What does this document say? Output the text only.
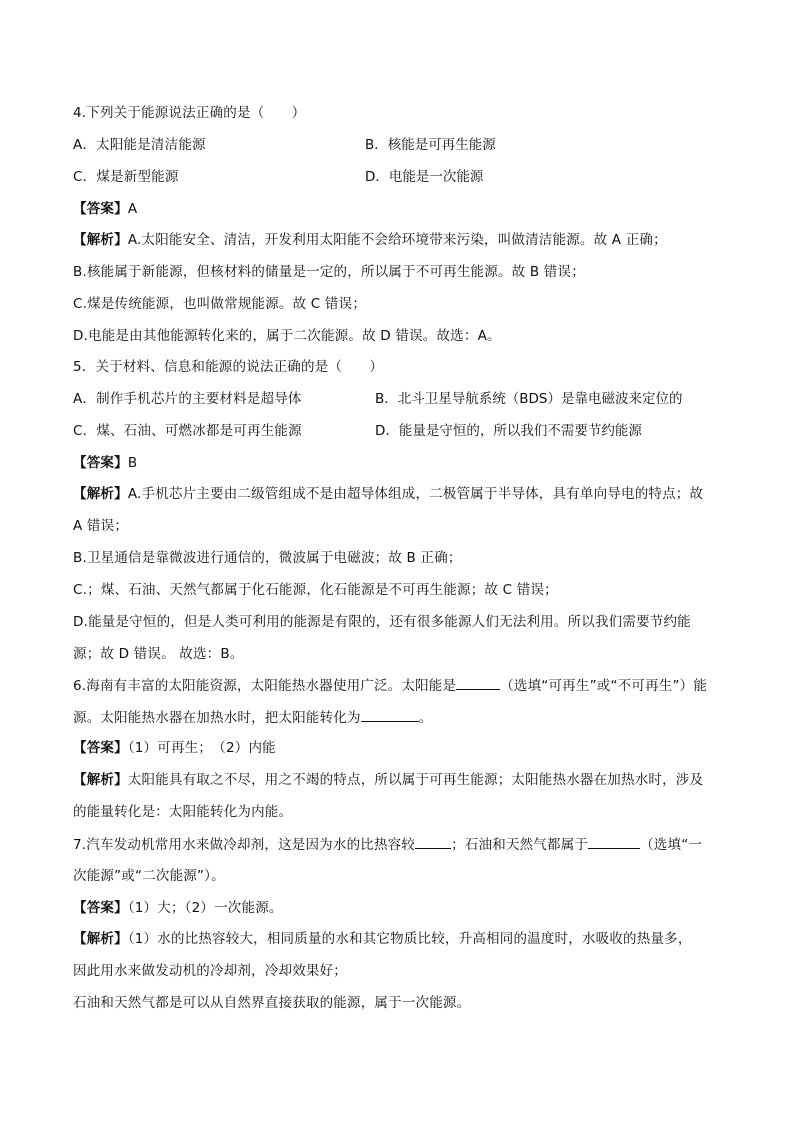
4.下列关于能源说法正确的是（　　）
A．太阳能是清洁能源	B．核能是可再生能源
C．煤是新型能源	D．电能是一次能源
【答案】A
【解析】A.太阳能安全、清洁，开发利用太阳能不会给环境带来污染，叫做清洁能源。故 A 正确；
B.核能属于新能源，但核材料的储量是一定的，所以属于不可再生能源。故 B 错误；
C.煤是传统能源，也叫做常规能源。故 C 错误；
D.电能是由其他能源转化来的，属于二次能源。故 D 错误。故选：A。
5．关于材料、信息和能源的说法正确的是（　　）
A．制作手机芯片的主要材料是超导体	B．北斗卫星导航系统（BDS）是靠电磁波来定位的
C．煤、石油、可燃冰都是可再生能源	D．能量是守恒的，所以我们不需要节约能源
【答案】B
【解析】A.手机芯片主要由二级管组成不是由超导体组成，二极管属于半导体，具有单向导电的特点；故
A 错误；
B.卫星通信是靠微波进行通信的，微波属于电磁波；故 B 正确；
C.；煤、石油、天然气都属于化石能源，化石能源是不可再生能源；故 C 错误；
D.能量是守恒的，但是人类可利用的能源是有限的，还有很多能源人们无法利用。所以我们需要节约能
源；故 D 错误。 故选：B。
6.海南有丰富的太阳能资源，太阳能热水器使用广泛。太阳能是	（选填“可再生”或“不可再生”）能
源。太阳能热水器在加热水时，把太阳能转化为	。
【答案】（1）可再生；　（2）内能
【解析】太阳能具有取之不尽，用之不竭的特点，所以属于可再生能源；太阳能热水器在加热水时，涉及
的能量转化是：太阳能转化为内能。
7.汽车发动机常用水来做冷却剂，这是因为水的比热容较	；石油和天然气都属于	（选填“一
次能源”或“二次能源”）。
【答案】（1）大；（2）一次能源。
【解析】（1）水的比热容较大，相同质量的水和其它物质比较，升高相同的温度时，水吸收的热量多，
因此用水来做发动机的冷却剂，冷却效果好；
石油和天然气都是可以从自然界直接获取的能源，属于一次能源。
